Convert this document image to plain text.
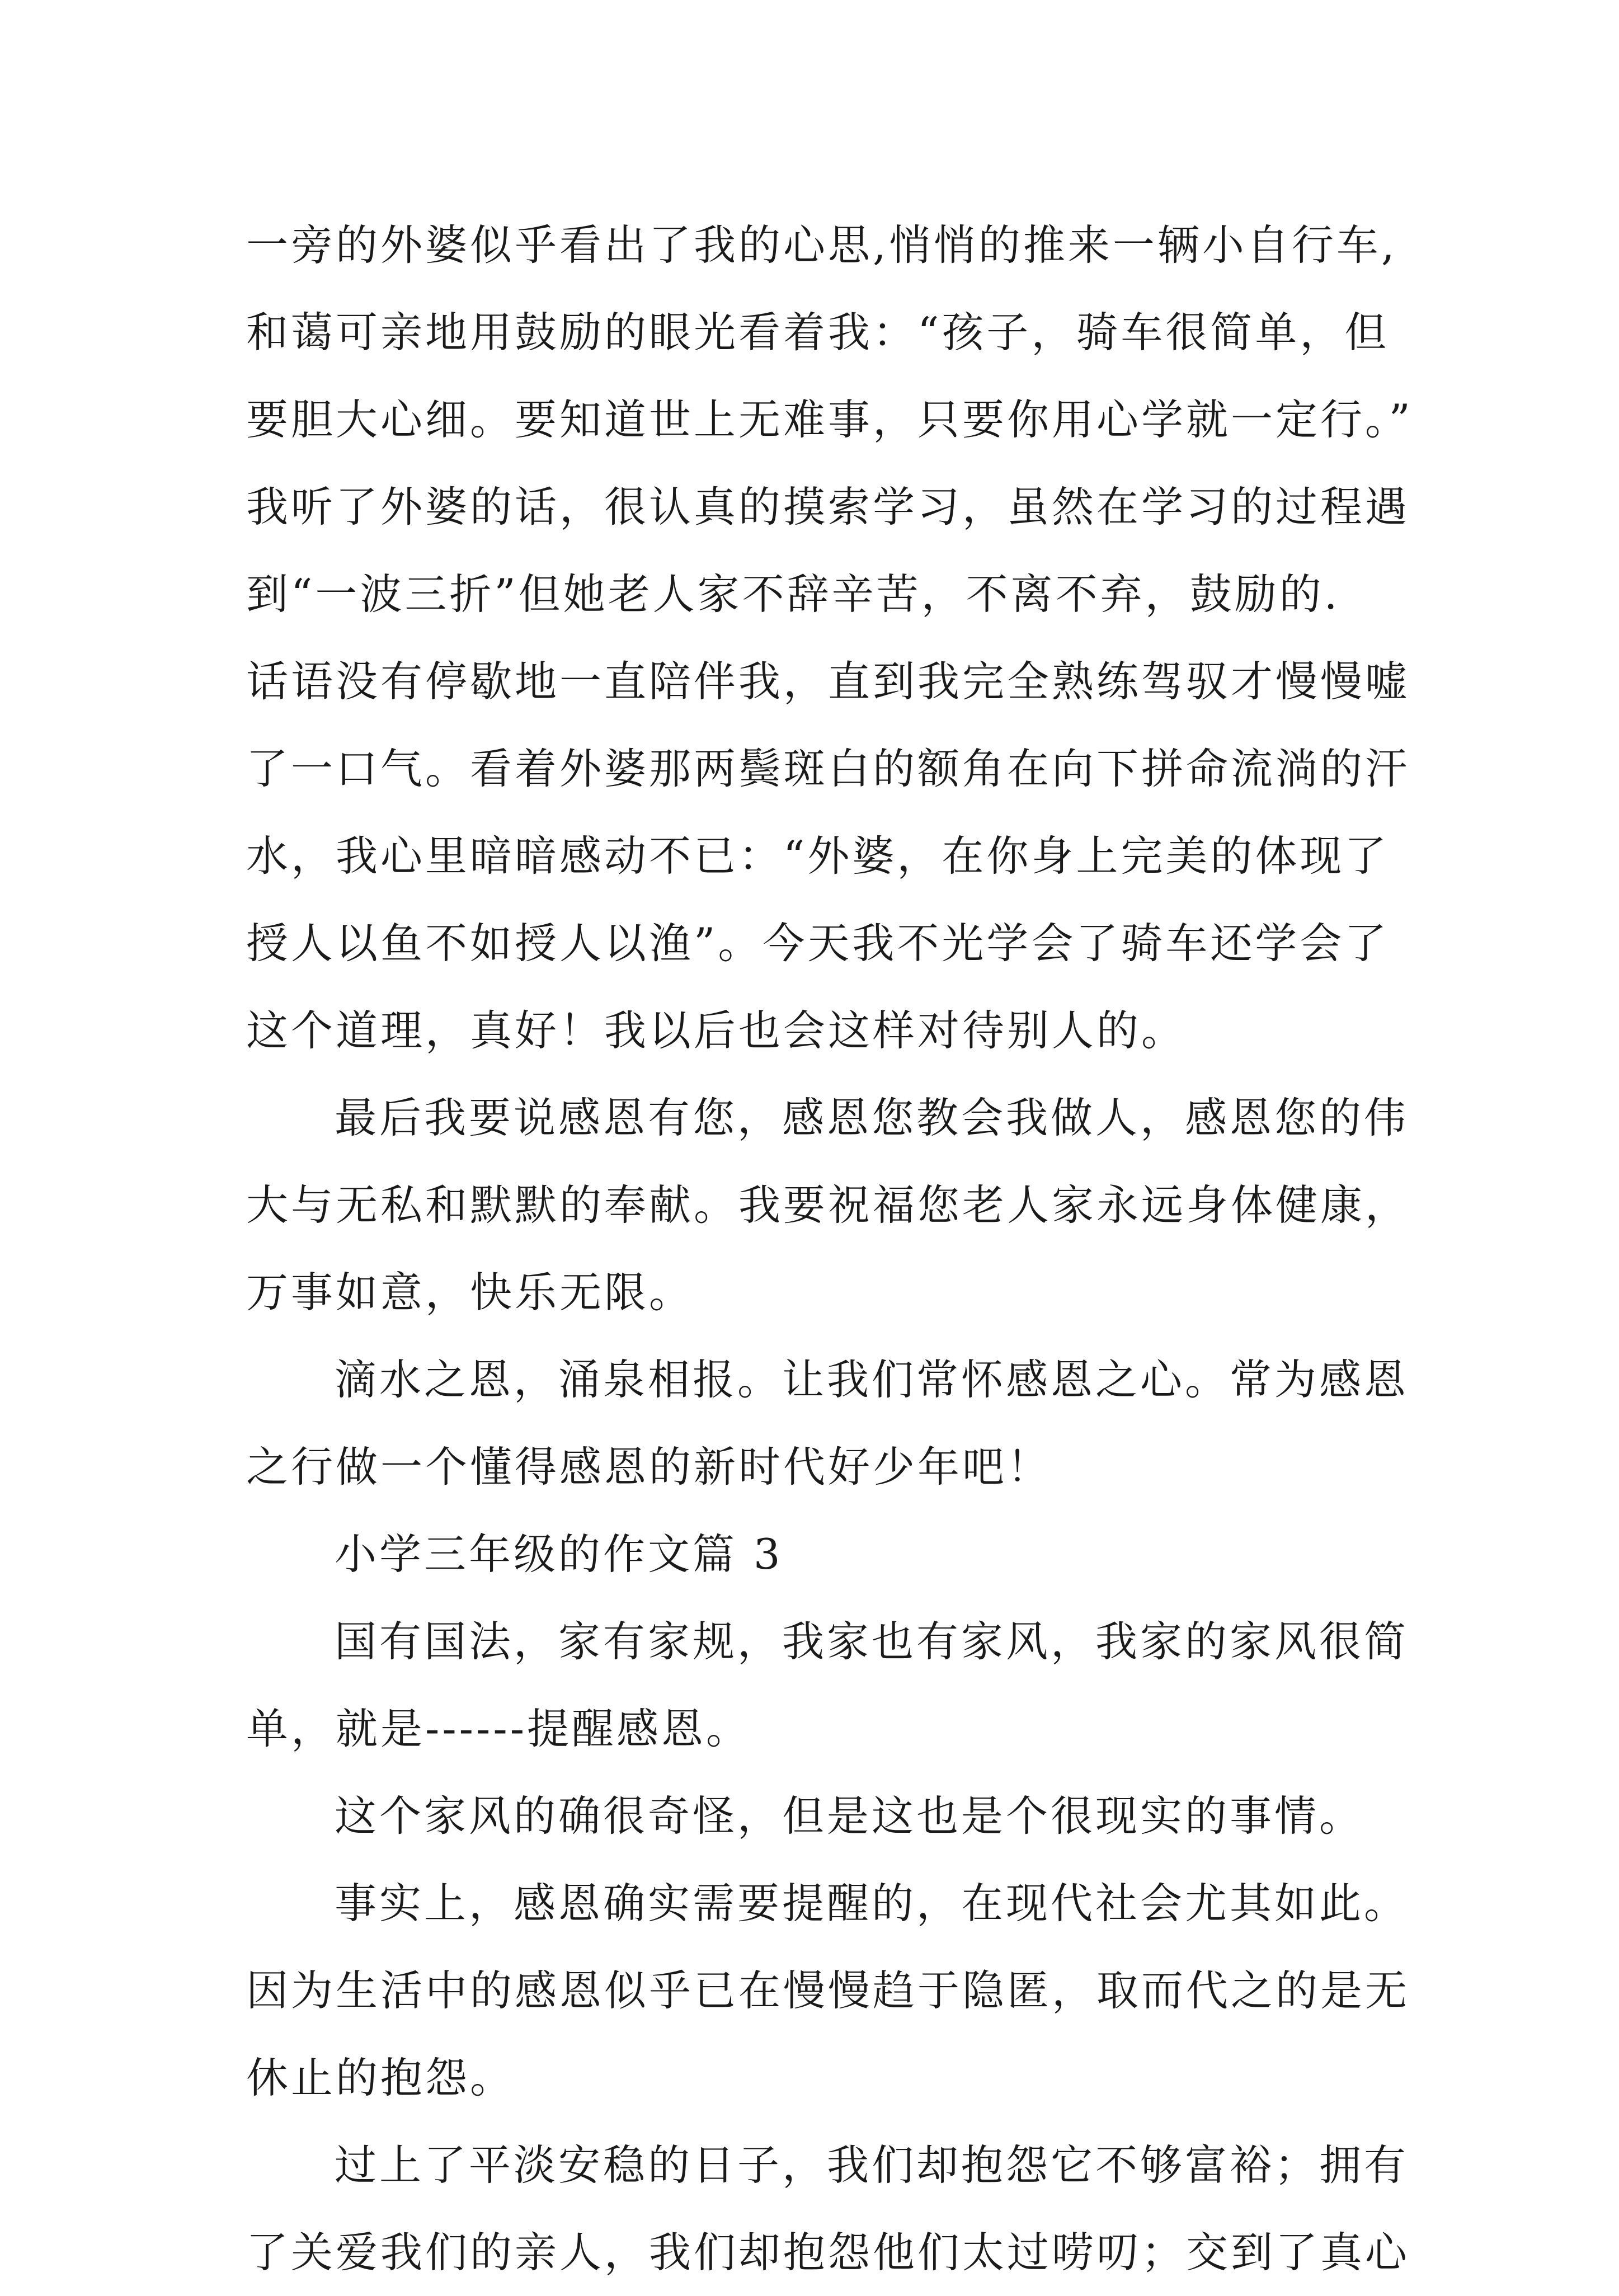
一旁的外婆似乎看出了我的心思,悄悄的推来一辆小自行车,
和蔼可亲地用鼓励的眼光看着我：“孩子，骑车很简单，但
要胆大心细。要知道世上无难事，只要你用心学就一定行。”
我听了外婆的话，很认真的摸索学习，虽然在学习的过程遇
到“一波三折”但她老人家不辞辛苦，不离不弃，鼓励的.
话语没有停歇地一直陪伴我，直到我完全熟练驾驭才慢慢嘘
了一口气。看着外婆那两鬓斑白的额角在向下拼命流淌的汗
水，我心里暗暗感动不已：“外婆，在你身上完美的体现了
授人以鱼不如授人以渔”。今天我不光学会了骑车还学会了
这个道理，真好！我以后也会这样对待别人的。
最后我要说感恩有您，感恩您教会我做人，感恩您的伟
大与无私和默默的奉献。我要祝福您老人家永远身体健康，
万事如意，快乐无限。
滴水之恩，涌泉相报。让我们常怀感恩之心。常为感恩
之行做一个懂得感恩的新时代好少年吧！
小学三年级的作文篇 3
国有国法，家有家规，我家也有家风，我家的家风很简
单，就是------提醒感恩。
这个家风的确很奇怪，但是这也是个很现实的事情。
事实上，感恩确实需要提醒的，在现代社会尤其如此。
因为生活中的感恩似乎已在慢慢趋于隐匿，取而代之的是无
休止的抱怨。
过上了平淡安稳的日子，我们却抱怨它不够富裕；拥有
了关爱我们的亲人，我们却抱怨他们太过唠叨；交到了真心
